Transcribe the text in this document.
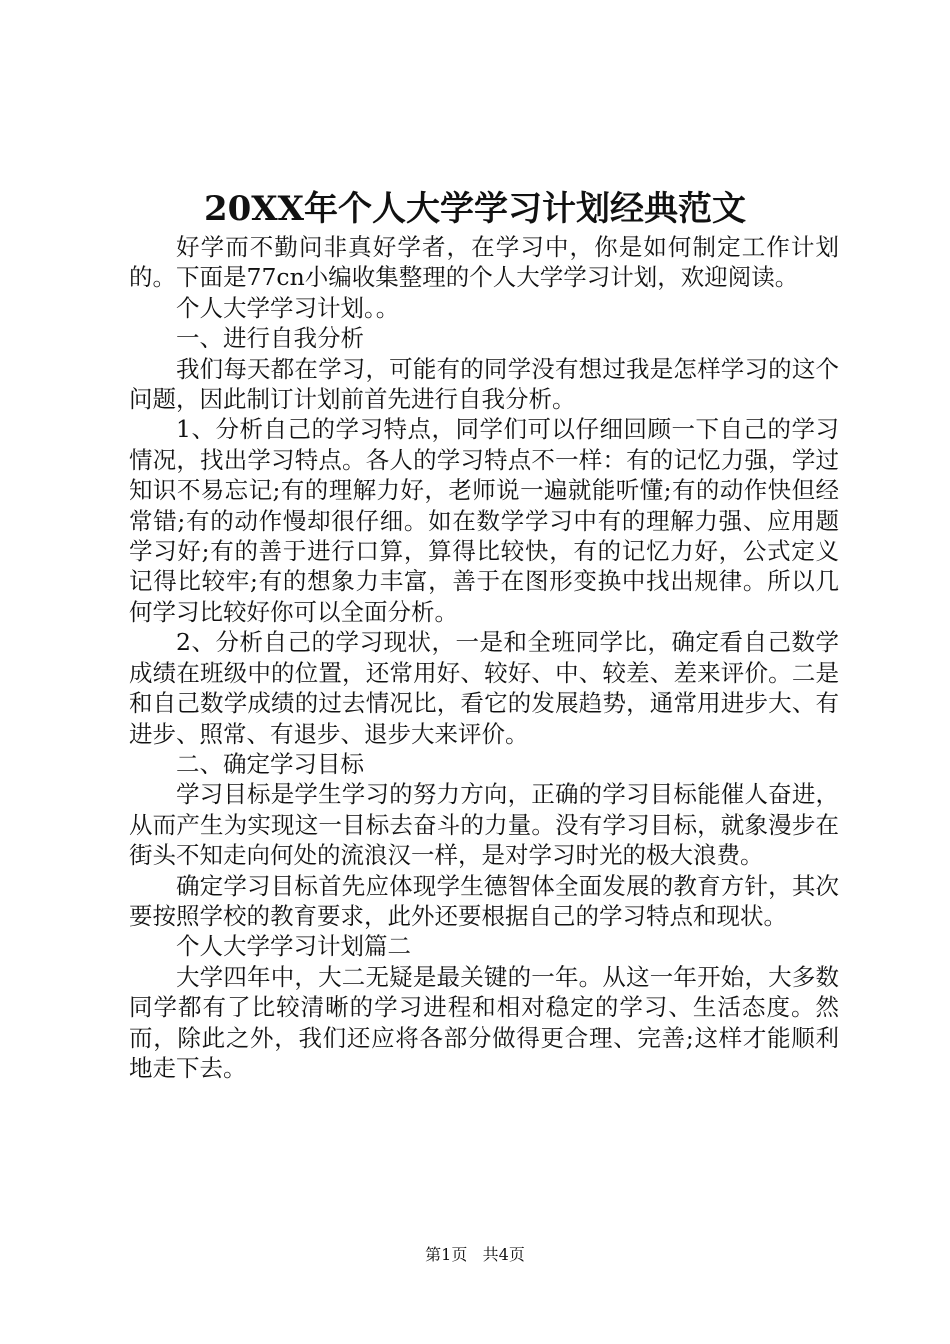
20XX年个人大学学习计划经典范文

好学而不勤问非真好学者，在学习中，你是如何制定工作计划的。下面是77cn小编收集整理的个人大学学习计划，欢迎阅读。

个人大学学习计划。。

一、进行自我分析

我们每天都在学习，可能有的同学没有想过我是怎样学习的这个问题，因此制订计划前首先进行自我分析。

1、分析自己的学习特点，同学们可以仔细回顾一下自己的学习情况，找出学习特点。各人的学习特点不一样：有的记忆力强，学过知识不易忘记;有的理解力好，老师说一遍就能听懂;有的动作快但经常错;有的动作慢却很仔细。如在数学学习中有的理解力强、应用题学习好;有的善于进行口算，算得比较快，有的记忆力好，公式定义记得比较牢;有的想象力丰富，善于在图形变换中找出规律。所以几何学习比较好你可以全面分析。

2、分析自己的学习现状，一是和全班同学比，确定看自己数学成绩在班级中的位置，还常用好、较好、中、较差、差来评价。二是和自己数学成绩的过去情况比，看它的发展趋势，通常用进步大、有进步、照常、有退步、退步大来评价。

二、确定学习目标

学习目标是学生学习的努力方向，正确的学习目标能催人奋进，从而产生为实现这一目标去奋斗的力量。没有学习目标，就象漫步在街头不知走向何处的流浪汉一样，是对学习时光的极大浪费。

确定学习目标首先应体现学生德智体全面发展的教育方针，其次要按照学校的教育要求，此外还要根据自己的学习特点和现状。

个人大学学习计划篇二

大学四年中，大二无疑是最关键的一年。从这一年开始，大多数同学都有了比较清晰的学习进程和相对稳定的学习、生活态度。然而，除此之外，我们还应将各部分做得更合理、完善;这样才能顺利地走下去。

第1页 共4页
